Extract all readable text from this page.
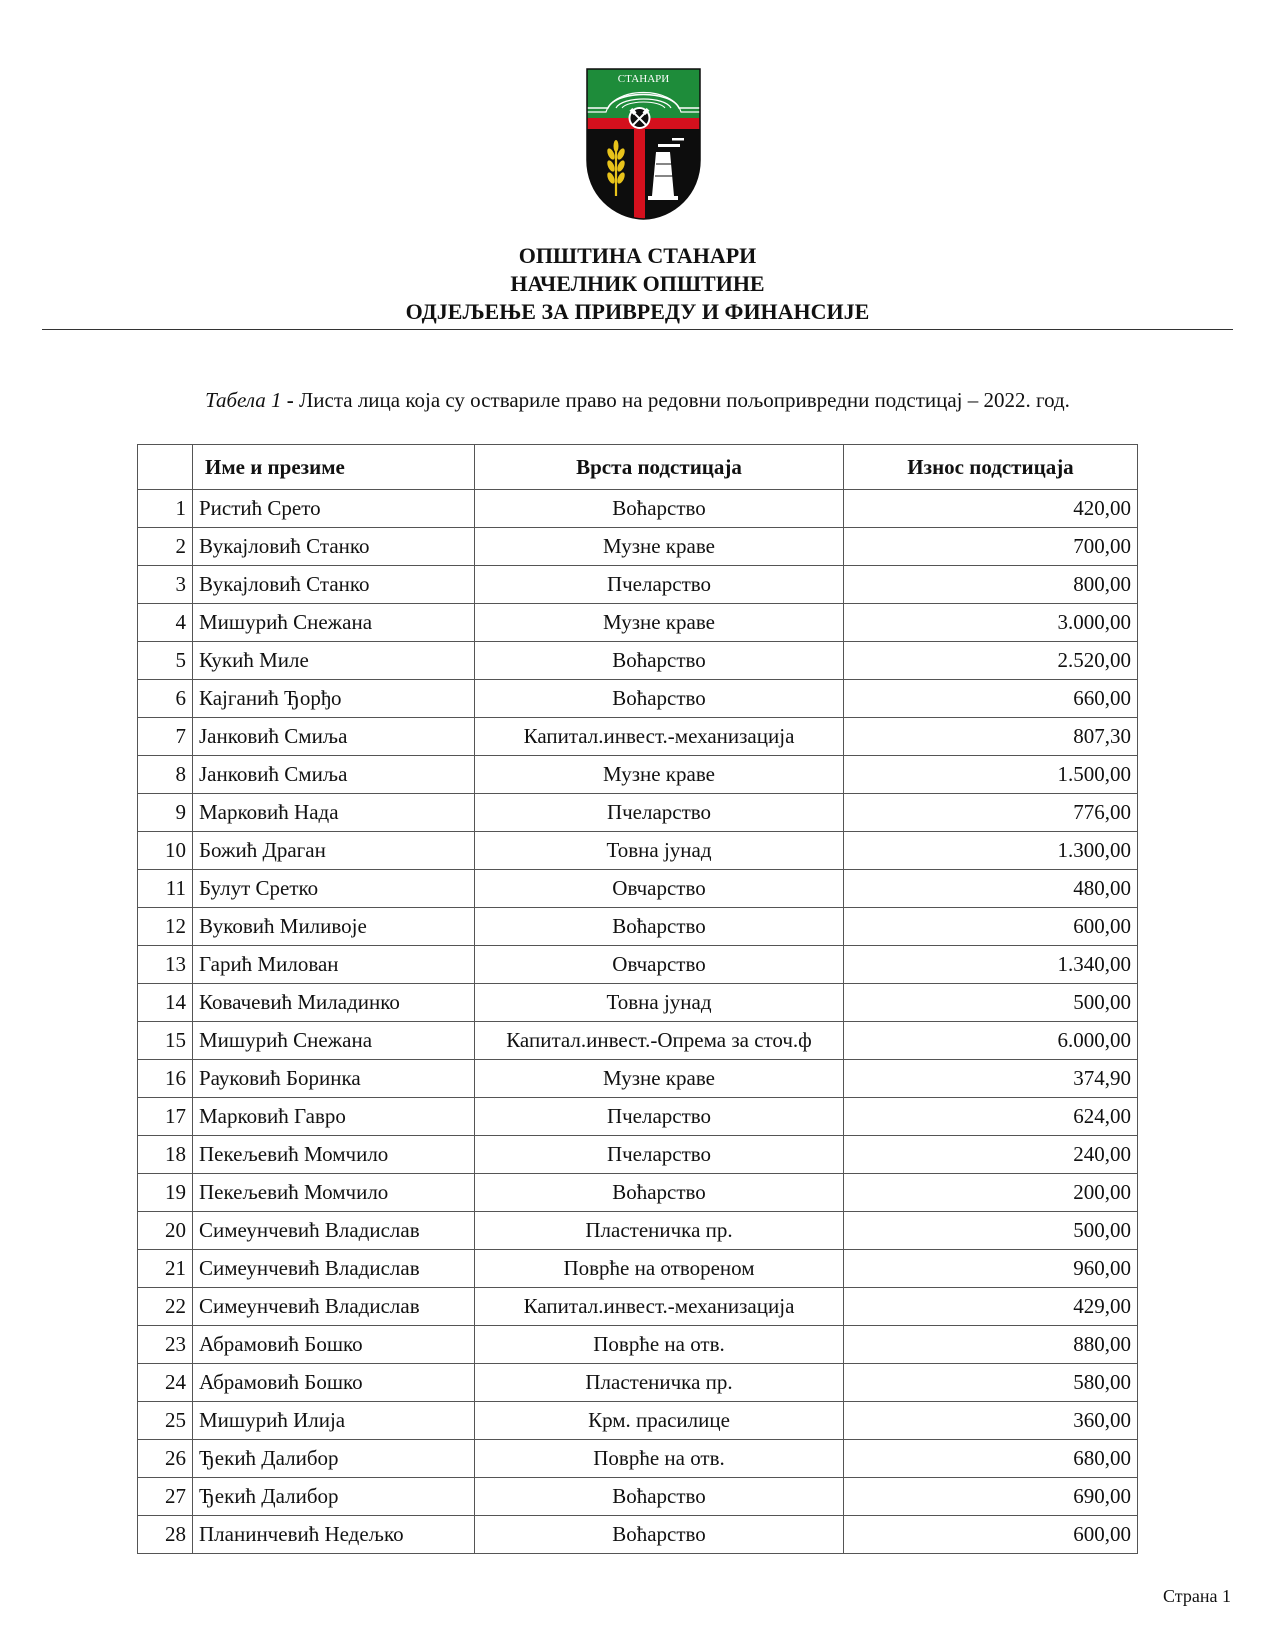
СТАНАРИ
ОПШТИНА СТАНАРИ
НАЧЕЛНИК ОПШТИНЕ
ОДЈЕЉЕЊЕ ЗА ПРИВРЕДУ И ФИНАНСИЈЕ
Табела 1 - Листа лица која су оствариле право на редовни пољопривредни подстицај – 2022. год.
	Име и презиме	Врста подстицаја	Износ подстицаја
1	Ристић Срето	Воћарство	420,00
2	Вукајловић Станко	Музне краве	700,00
3	Вукајловић Станко	Пчеларство	800,00
4	Мишурић Снежана	Музне краве	3.000,00
5	Кукић Миле	Воћарство	2.520,00
6	Кајганић Ђорђо	Воћарство	660,00
7	Јанковић Смиља	Капитал.инвест.-механизација	807,30
8	Јанковић Смиља	Музне краве	1.500,00
9	Марковић Нада	Пчеларство	776,00
10	Божић Драган	Товна јунад	1.300,00
11	Булут Сретко	Овчарство	480,00
12	Вуковић Миливоје	Воћарство	600,00
13	Гарић Милован	Овчарство	1.340,00
14	Ковачевић Миладинко	Товна јунад	500,00
15	Мишурић Снежана	Капитал.инвест.-Опрема за сточ.ф	6.000,00
16	Рауковић Боринка	Музне краве	374,90
17	Марковић Гавро	Пчеларство	624,00
18	Пекељевић Момчило	Пчеларство	240,00
19	Пекељевић Момчило	Воћарство	200,00
20	Симеунчевић Владислав	Пластеничка пр.	500,00
21	Симеунчевић Владислав	Поврће на отвореном	960,00
22	Симеунчевић Владислав	Капитал.инвест.-механизација	429,00
23	Абрамовић Бошко	Поврће на отв.	880,00
24	Абрамовић Бошко	Пластеничка пр.	580,00
25	Мишурић Илија	Крм. прасилице	360,00
26	Ђекић Далибор	Поврће на отв.	680,00
27	Ђекић Далибор	Воћарство	690,00
28	Планинчевић Недељко	Воћарство	600,00
Страна 1
